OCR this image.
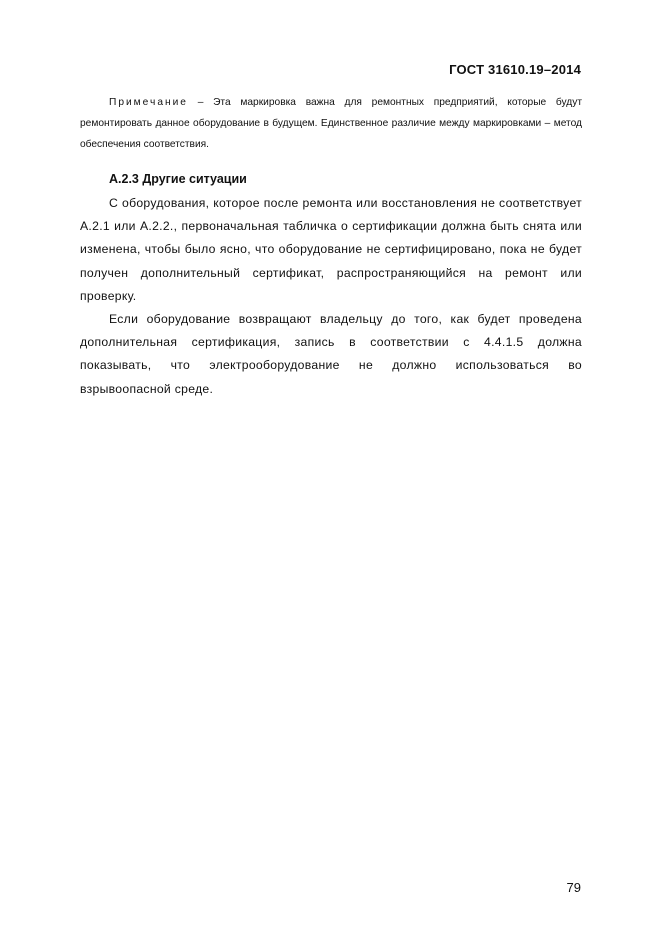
ГОСТ 31610.19–2014

Примечание – Эта маркировка важна для ремонтных предприятий, которые будут ремонтировать данное оборудование в будущем. Единственное различие между маркировками – метод обеспечения соответствия.

А.2.3 Другие ситуации

С оборудования, которое после ремонта или восстановления не соответствует А.2.1 или А.2.2., первоначальная табличка о сертификации должна быть снята или изменена, чтобы было ясно, что оборудование не сертифицировано, пока не будет получен дополнительный сертификат, распространяющийся на ремонт или проверку.

Если оборудование возвращают владельцу до того, как будет проведена дополнительная сертификация, запись в соответствии с 4.4.1.5 должна показывать, что электрооборудование не должно использоваться во взрывоопасной среде.

79
